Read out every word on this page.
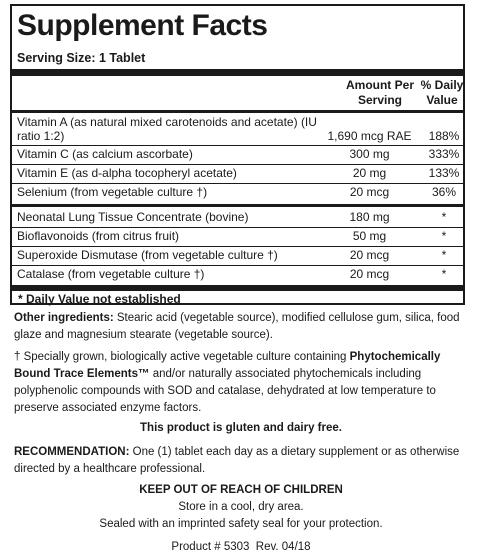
Supplement Facts
Serving Size: 1 Tablet
Amount Per Serving
% Daily Value
Vitamin A (as natural mixed carotenoids and acetate) (IU ratio 1:2)	1,690 mcg RAE	188%
Vitamin C (as calcium ascorbate)	300 mg	333%
Vitamin E (as d-alpha tocopheryl acetate)	20 mg	133%
Selenium (from vegetable culture †)	20 mcg	36%
Neonatal Lung Tissue Concentrate (bovine)	180 mg	*
Bioflavonoids (from citrus fruit)	50 mg	*
Superoxide Dismutase (from vegetable culture †)	20 mcg	*
Catalase (from vegetable culture †)	20 mcg	*
* Daily Value not established
Other ingredients: Stearic acid (vegetable source), modified cellulose gum, silica, food glaze and magnesium stearate (vegetable source).
† Specially grown, biologically active vegetable culture containing Phytochemically Bound Trace Elements™ and/or naturally associated phytochemicals including polyphenolic compounds with SOD and catalase, dehydrated at low temperature to preserve associated enzyme factors.
This product is gluten and dairy free.
RECOMMENDATION: One (1) tablet each day as a dietary supplement or as otherwise directed by a healthcare professional.
KEEP OUT OF REACH OF CHILDREN
Store in a cool, dry area.
Sealed with an imprinted safety seal for your protection.
Product # 5303  Rev. 04/18
